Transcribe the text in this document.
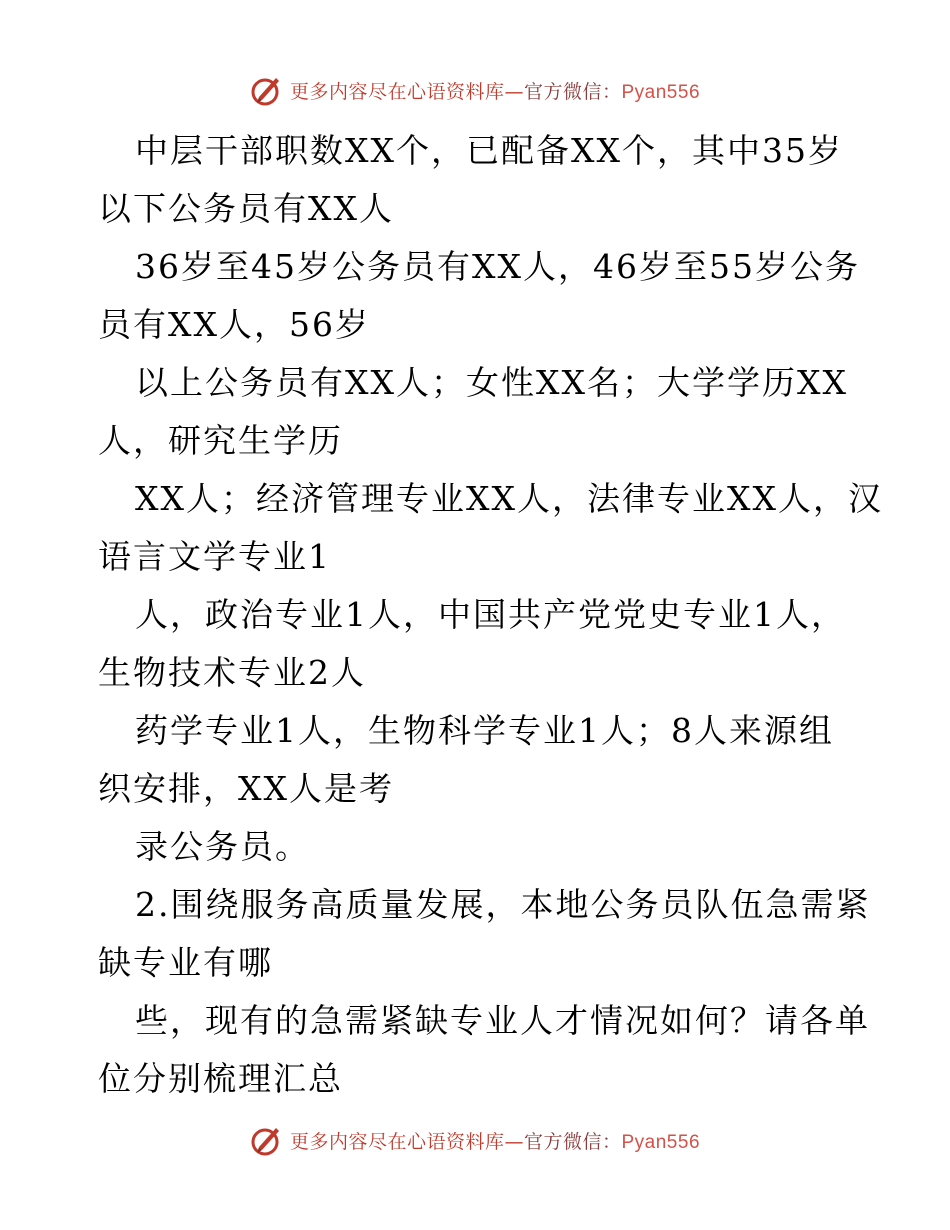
更多内容尽在心语资料库—官方微信：Pyan556
中层干部职数XX个，已配备XX个，其中35岁
以下公务员有XX人
36岁至45岁公务员有XX人，46岁至55岁公务
员有XX人，56岁
以上公务员有XX人；女性XX名；大学学历XX
人，研究生学历
XX人；经济管理专业XX人，法律专业XX人，汉
语言文学专业1
人，政治专业1人，中国共产党党史专业1人，
生物技术专业2人
药学专业1人，生物科学专业1人；8人来源组
织安排，XX人是考
录公务员。
2.围绕服务高质量发展，本地公务员队伍急需紧
缺专业有哪
些，现有的急需紧缺专业人才情况如何？请各单
位分别梳理汇总
更多内容尽在心语资料库—官方微信：Pyan556
